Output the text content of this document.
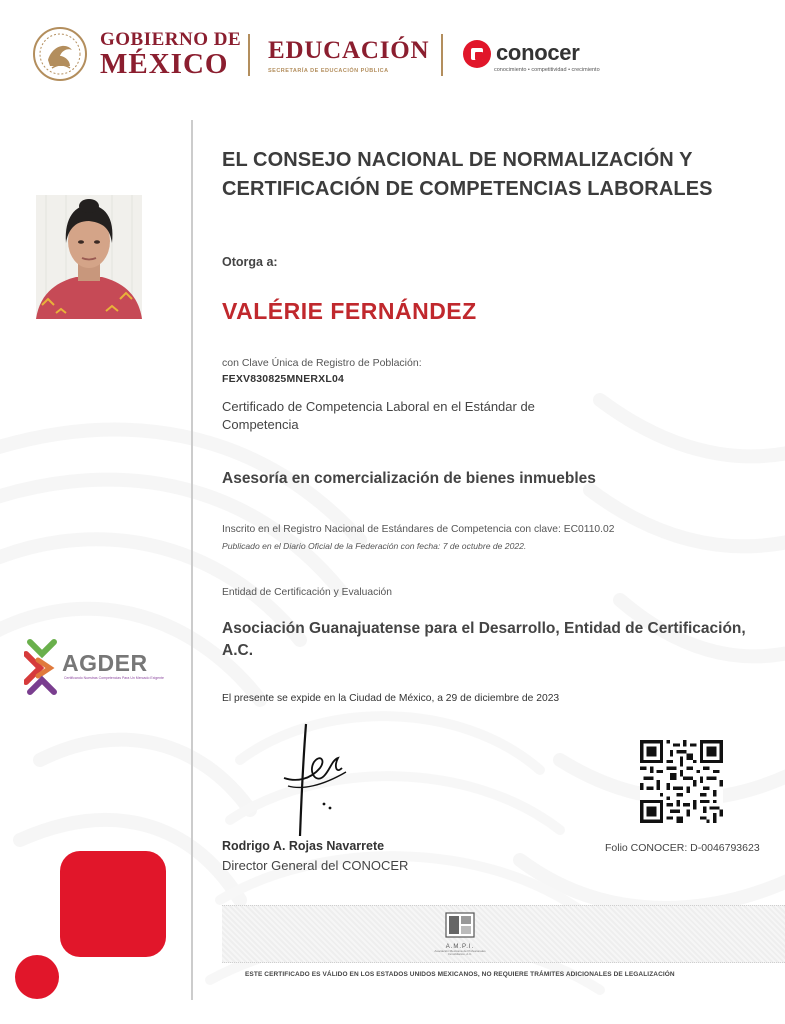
GOBIERNO DE
MÉXICO	EDUCACIÓN
SECRETARÍA DE EDUCACIÓN PÚBLICA
conocer
conocimiento • competitividad • crecimiento
EL CONSEJO NACIONAL DE NORMALIZACIÓN Y CERTIFICACIÓN DE COMPETENCIAS LABORALES
Otorga a:
VALÉRIE FERNÁNDEZ
con Clave Única de Registro de Población:
FEXV830825MNERXL04
Certificado de Competencia Laboral en el Estándar de Competencia
Asesoría en comercialización de bienes inmuebles
Inscrito en el Registro Nacional de Estándares de Competencia con clave: EC0110.02
Publicado en el Diario Oficial de la Federación con fecha: 7 de octubre de 2022.
Entidad de Certificación y Evaluación
Asociación Guanajuatense para el Desarrollo, Entidad de Certificación, A.C.
El presente se expide en la Ciudad de México, a 29 de diciembre de 2023
Rodrigo A. Rojas Navarrete
Director General del CONOCER
Folio CONOCER: D-0046793623
AGDER
Certificando Nuestras Competencias Para Un Mercado Exigente
A.M.P.I.
Asociación Mexicana de Profesionales Inmobiliarios, A.C.
ESTE CERTIFICADO ES VÁLIDO EN LOS ESTADOS UNIDOS MEXICANOS, NO REQUIERE TRÁMITES ADICIONALES DE LEGALIZACIÓN
